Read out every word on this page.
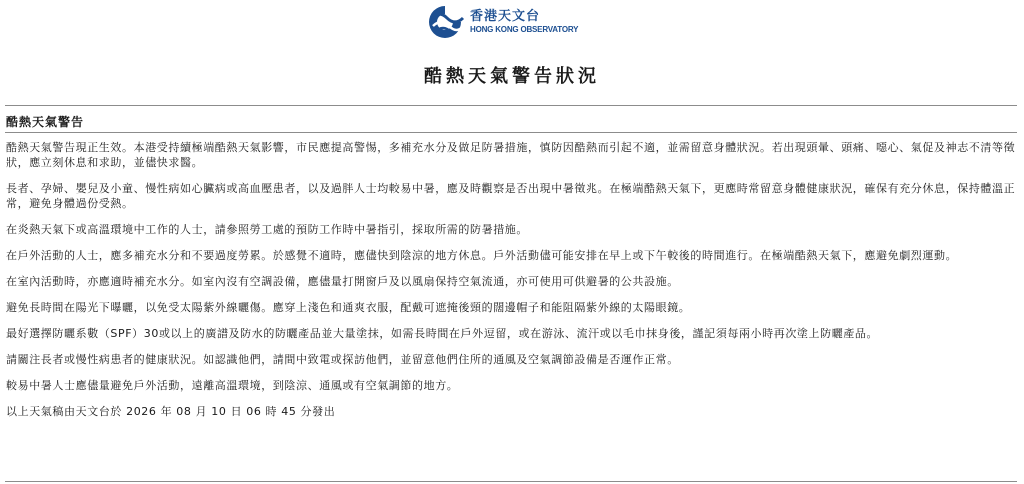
香港天文台
HONG KONG OBSERVATORY
酷熱天氣警告狀況
酷熱天氣警告

酷熱天氣警告現正生效。本港受持續極端酷熱天氣影響，市民應提高警惕，多補充水分及做足防暑措施，慎防因酷熱而引起不適，並需留意身體狀況。若出現頭暈、頭痛、噁心、氣促及神志不清等徵狀，應立刻休息和求助，並儘快求醫。

長者、孕婦、嬰兒及小童、慢性病如心臟病或高血壓患者，以及過胖人士均較易中暑，應及時觀察是否出現中暑徵兆。在極端酷熱天氣下，更應時常留意身體健康狀況，確保有充分休息，保持體溫正常，避免身體過份受熱。

在炎熱天氣下或高溫環境中工作的人士，請參照勞工處的預防工作時中暑指引，採取所需的防暑措施。

在戶外活動的人士，應多補充水分和不要過度勞累。於感覺不適時，應儘快到陰涼的地方休息。戶外活動儘可能安排在早上或下午較後的時間進行。在極端酷熱天氣下，應避免劇烈運動。

在室內活動時，亦應適時補充水分。如室內沒有空調設備，應儘量打開窗戶及以風扇保持空氣流通，亦可使用可供避暑的公共設施。

避免長時間在陽光下曝曬，以免受太陽紫外線曬傷。應穿上淺色和通爽衣服，配戴可遮掩後頸的闊邊帽子和能阻隔紫外線的太陽眼鏡。

最好選擇防曬系數（SPF）30或以上的廣譜及防水的防曬產品並大量塗抹，如需長時間在戶外逗留，或在游泳、流汗或以毛巾抹身後，謹記須每兩小時再次塗上防曬產品。

請關注長者或慢性病患者的健康狀況。如認識他們，請間中致電或探訪他們，並留意他們住所的通風及空氣調節設備是否運作正常。

較易中暑人士應儘量避免戶外活動，遠離高溫環境，到陰涼、通風或有空氣調節的地方。

以上天氣稿由天文台於 2026 年 08 月 10 日 06 時 45 分發出
